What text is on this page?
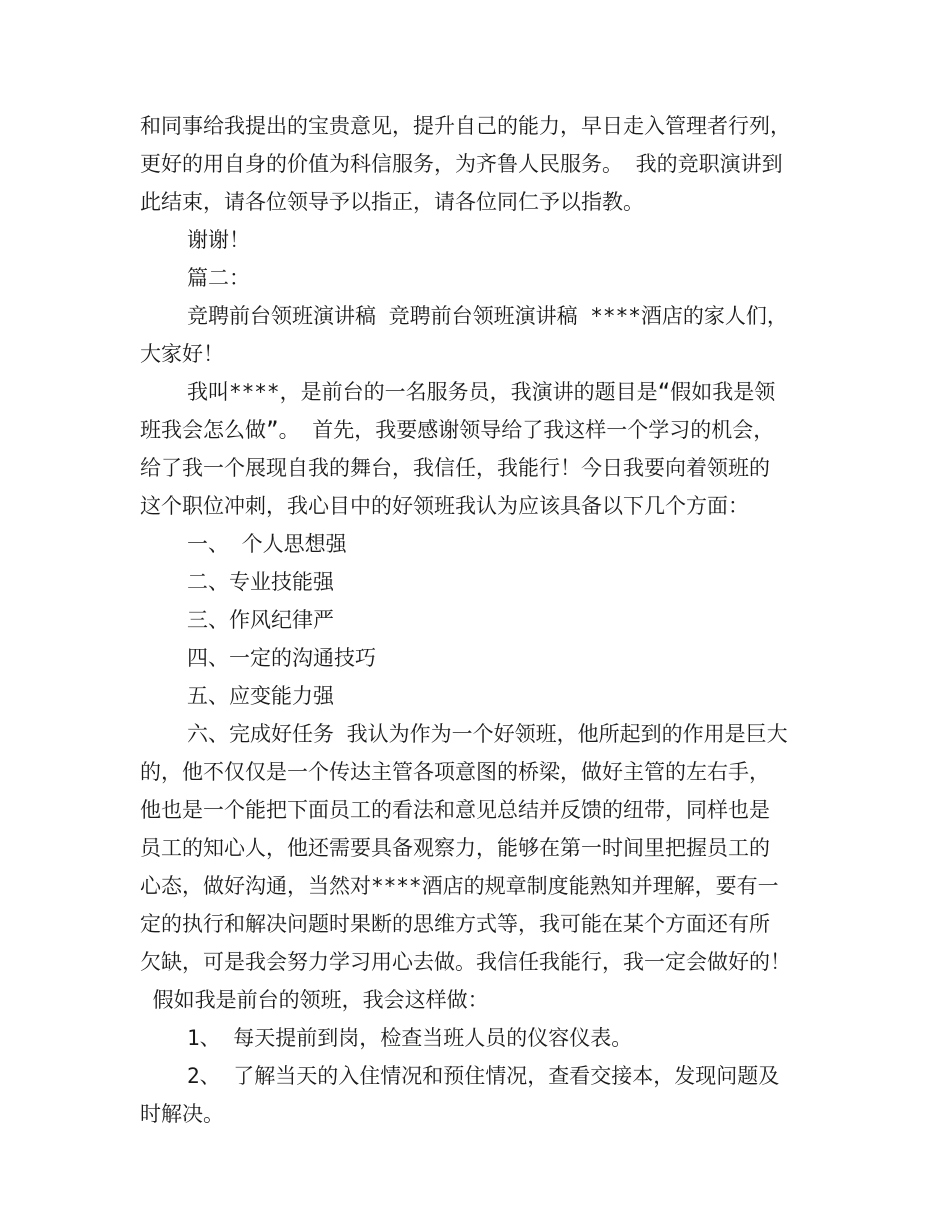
和同事给我提出的宝贵意见，提升自己的能力，早日走入管理者行列，
更好的用自身的价值为科信服务，为齐鲁人民服务。 我的竞职演讲到
此结束，请各位领导予以指正，请各位同仁予以指教。
谢谢！
篇二：
竞聘前台领班演讲稿 竞聘前台领班演讲稿 ****酒店的家人们，
大家好！
我叫****，是前台的一名服务员，我演讲的题目是“假如我是领
班我会怎么做”。 首先，我要感谢领导给了我这样一个学习的机会，
给了我一个展现自我的舞台，我信任，我能行！今日我要向着领班的
这个职位冲刺，我心目中的好领班我认为应该具备以下几个方面：
一、 个人思想强
二、专业技能强
三、作风纪律严
四、一定的沟通技巧
五、应变能力强
六、完成好任务 我认为作为一个好领班，他所起到的作用是巨大
的，他不仅仅是一个传达主管各项意图的桥梁，做好主管的左右手，
他也是一个能把下面员工的看法和意见总结并反馈的纽带，同样也是
员工的知心人，他还需要具备观察力，能够在第一时间里把握员工的
心态，做好沟通，当然对****酒店的规章制度能熟知并理解，要有一
定的执行和解决问题时果断的思维方式等，我可能在某个方面还有所
欠缺，可是我会努力学习用心去做。我信任我能行，我一定会做好的！
假如我是前台的领班，我会这样做：
1、 每天提前到岗，检查当班人员的仪容仪表。
2、 了解当天的入住情况和预住情况，查看交接本，发现问题及
时解决。
